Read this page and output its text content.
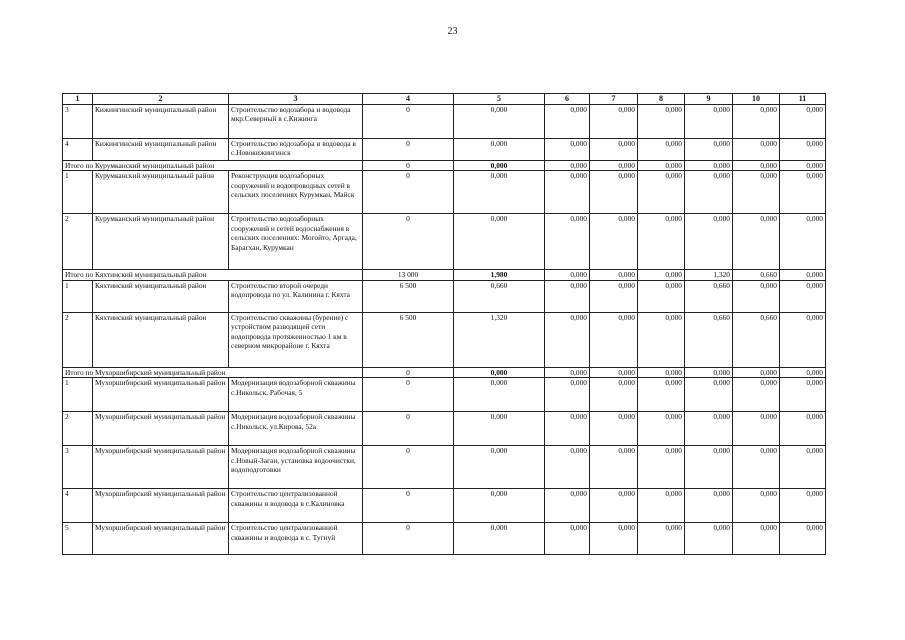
23
1	2	3	4	5	6	7	8	9	10	11
3	Кижингинский муниципальный район	Строительство водозабора и водовода мкр.Северный в с.Кижинга	0	0,000	0,000	0,000	0,000	0,000	0,000	0,000
4	Кижингинский муниципальный район	Строительство водозабора и водовода в с.Новокижингинск	0	0,000	0,000	0,000	0,000	0,000	0,000	0,000
Итого по Курумканский муниципальный район			0	0,000	0,000	0,000	0,000	0,000	0,000	0,000
1	Курумканский муниципальный район	Реконструкция водозаборных сооружений и водопроводных сетей в сельских поселениях Курумкан, Майск	0	0,000	0,000	0,000	0,000	0,000	0,000	0,000
2	Курумканский муниципальный район	Строительство водозаборных сооружений и сетей водоснабжения в сельских поселениях: Могойто, Аргада, Барагхан, Курумкан	0	0,000	0,000	0,000	0,000	0,000	0,000	0,000
Итого по Кяхтинский муниципальный район			13 000	1,980	0,000	0,000	0,000	1,320	0,660	0,000
1	Кяхтинский муниципальный район	Строительство второй очереди водопровода по ул. Калинина г. Кяхта	6 500	0,660	0,000	0,000	0,000	0,660	0,000	0,000
2	Кяхтинский муниципальный район	Строительство скважины (бурение) с устройством разводящей сети водопровода протяженностью 1 км в северном микрорайоне г. Кяхта	6 500	1,320	0,000	0,000	0,000	0,660	0,660	0,000
Итого по Мухоршибирский муниципальный район			0	0,000	0,000	0,000	0,000	0,000	0,000	0,000
1	Мухоршибирский муниципальный район	Модернизация водозаборной скважины с.Никольск, Рабочая, 5	0	0,000	0,000	0,000	0,000	0,000	0,000	0,000
2	Мухоршибирский муниципальный район	Модернизация водозаборной скважины с.Никольск, ул.Кирова, 52а	0	0,000	0,000	0,000	0,000	0,000	0,000	0,000
3	Мухоршибирский муниципальный район	Модернизация водозаборной скважины с.Новый-Заган, установка водоочистки, водоподготовки	0	0,000	0,000	0,000	0,000	0,000	0,000	0,000
4	Мухоршибирский муниципальный район	Строительство централизованной скважины и водовода в с.Калиновка	0	0,000	0,000	0,000	0,000	0,000	0,000	0,000
5	Мухоршибирский муниципальный район	Строительство централизованной скважины и водовода в с. Тугнуй	0	0,000	0,000	0,000	0,000	0,000	0,000	0,000
